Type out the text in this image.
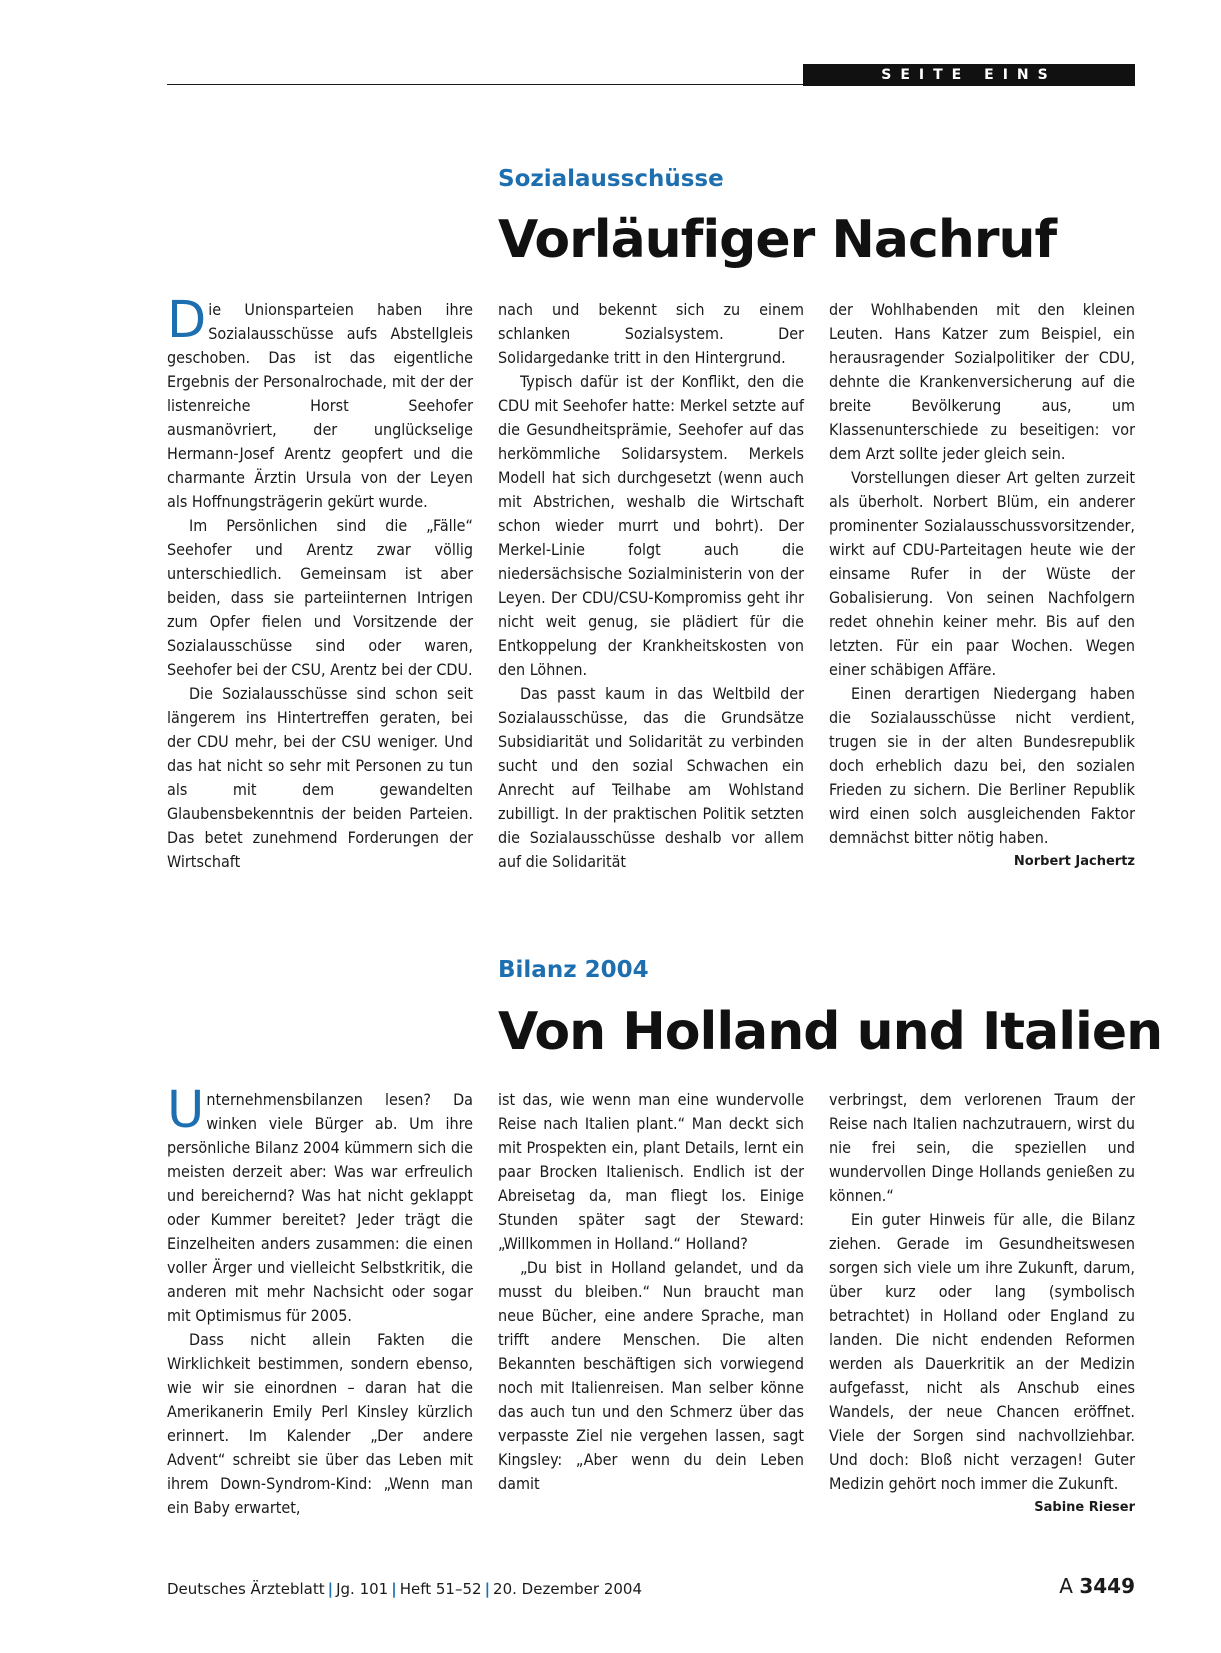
SEITE EINS
Sozialausschüsse
Vorläufiger Nachruf

Die Unionsparteien haben ihre Sozialausschüsse aufs Abstellgleis geschoben. Das ist das eigentliche Ergebnis der Personalrochade, mit der der listenreiche Horst Seehofer ausmanövriert, der unglückselige Hermann-Josef Arentz geopfert und die charmante Ärztin Ursula von der Leyen als Hoffnungsträgerin gekürt wurde.

Im Persönlichen sind die „Fälle“ Seehofer und Arentz zwar völlig unterschiedlich. Gemeinsam ist aber beiden, dass sie parteiinternen Intrigen zum Opfer fielen und Vorsitzende der Sozialausschüsse sind oder waren, Seehofer bei der CSU, Arentz bei der CDU.

Die Sozialausschüsse sind schon seit längerem ins Hintertreffen geraten, bei der CDU mehr, bei der CSU weniger. Und das hat nicht so sehr mit Personen zu tun als mit dem gewandelten Glaubensbekenntnis der beiden Parteien. Das betet zunehmend Forderungen der Wirtschaft

nach und bekennt sich zu einem schlanken Sozialsystem. Der Solidargedanke tritt in den Hintergrund.

Typisch dafür ist der Konflikt, den die CDU mit Seehofer hatte: Merkel setzte auf die Gesundheitsprämie, Seehofer auf das herkömmliche Solidarsystem. Merkels Modell hat sich durchgesetzt (wenn auch mit Abstrichen, weshalb die Wirtschaft schon wieder murrt und bohrt). Der Merkel-Linie folgt auch die niedersächsische Sozialministerin von der Leyen. Der CDU/CSU-Kompromiss geht ihr nicht weit genug, sie plädiert für die Entkoppelung der Krankheitskosten von den Löhnen.

Das passt kaum in das Weltbild der Sozialausschüsse, das die Grundsätze Subsidiarität und Solidarität zu verbinden sucht und den sozial Schwachen ein Anrecht auf Teilhabe am Wohlstand zubilligt. In der praktischen Politik setzten die Sozialausschüsse deshalb vor allem auf die Solidarität

der Wohlhabenden mit den kleinen Leuten. Hans Katzer zum Beispiel, ein herausragender Sozialpolitiker der CDU, dehnte die Krankenversicherung auf die breite Bevölkerung aus, um Klassenunterschiede zu beseitigen: vor dem Arzt sollte jeder gleich sein.

Vorstellungen dieser Art gelten zurzeit als überholt. Norbert Blüm, ein anderer prominenter Sozialausschussvorsitzender, wirkt auf CDU-Parteitagen heute wie der einsame Rufer in der Wüste der Gobalisierung. Von seinen Nachfolgern redet ohnehin keiner mehr. Bis auf den letzten. Für ein paar Wochen. Wegen einer schäbigen Affäre.

Einen derartigen Niedergang haben die Sozialausschüsse nicht verdient, trugen sie in der alten Bundesrepublik doch erheblich dazu bei, den sozialen Frieden zu sichern. Die Berliner Republik wird einen solch ausgleichenden Faktor demnächst bitter nötig haben.
Norbert Jachertz

Bilanz 2004
Von Holland und Italien

Unternehmensbilanzen lesen? Da winken viele Bürger ab. Um ihre persönliche Bilanz 2004 kümmern sich die meisten derzeit aber: Was war erfreulich und bereichernd? Was hat nicht geklappt oder Kummer bereitet? Jeder trägt die Einzelheiten anders zusammen: die einen voller Ärger und vielleicht Selbstkritik, die anderen mit mehr Nachsicht oder sogar mit Optimismus für 2005.

Dass nicht allein Fakten die Wirklichkeit bestimmen, sondern ebenso, wie wir sie einordnen – daran hat die Amerikanerin Emily Perl Kinsley kürzlich erinnert. Im Kalender „Der andere Advent“ schreibt sie über das Leben mit ihrem Down-Syndrom-Kind: „Wenn man ein Baby erwartet,

ist das, wie wenn man eine wundervolle Reise nach Italien plant.“ Man deckt sich mit Prospekten ein, plant Details, lernt ein paar Brocken Italienisch. Endlich ist der Abreisetag da, man fliegt los. Einige Stunden später sagt der Steward: „Willkommen in Holland.“ Holland?

„Du bist in Holland gelandet, und da musst du bleiben.“ Nun braucht man neue Bücher, eine andere Sprache, man trifft andere Menschen. Die alten Bekannten beschäftigen sich vorwiegend noch mit Italienreisen. Man selber könne das auch tun und den Schmerz über das verpasste Ziel nie vergehen lassen, sagt Kingsley: „Aber wenn du dein Leben damit

verbringst, dem verlorenen Traum der Reise nach Italien nachzutrauern, wirst du nie frei sein, die speziellen und wundervollen Dinge Hollands genießen zu können.“

Ein guter Hinweis für alle, die Bilanz ziehen. Gerade im Gesundheitswesen sorgen sich viele um ihre Zukunft, darum, über kurz oder lang (symbolisch betrachtet) in Holland oder England zu landen. Die nicht endenden Reformen werden als Dauerkritik an der Medizin aufgefasst, nicht als Anschub eines Wandels, der neue Chancen eröffnet. Viele der Sorgen sind nachvollziehbar. Und doch: Bloß nicht verzagen! Guter Medizin gehört noch immer die Zukunft.
Sabine Rieser

Deutsches Ärzteblatt | Jg. 101 | Heft 51–52 | 20. Dezember 2004	A 3449
